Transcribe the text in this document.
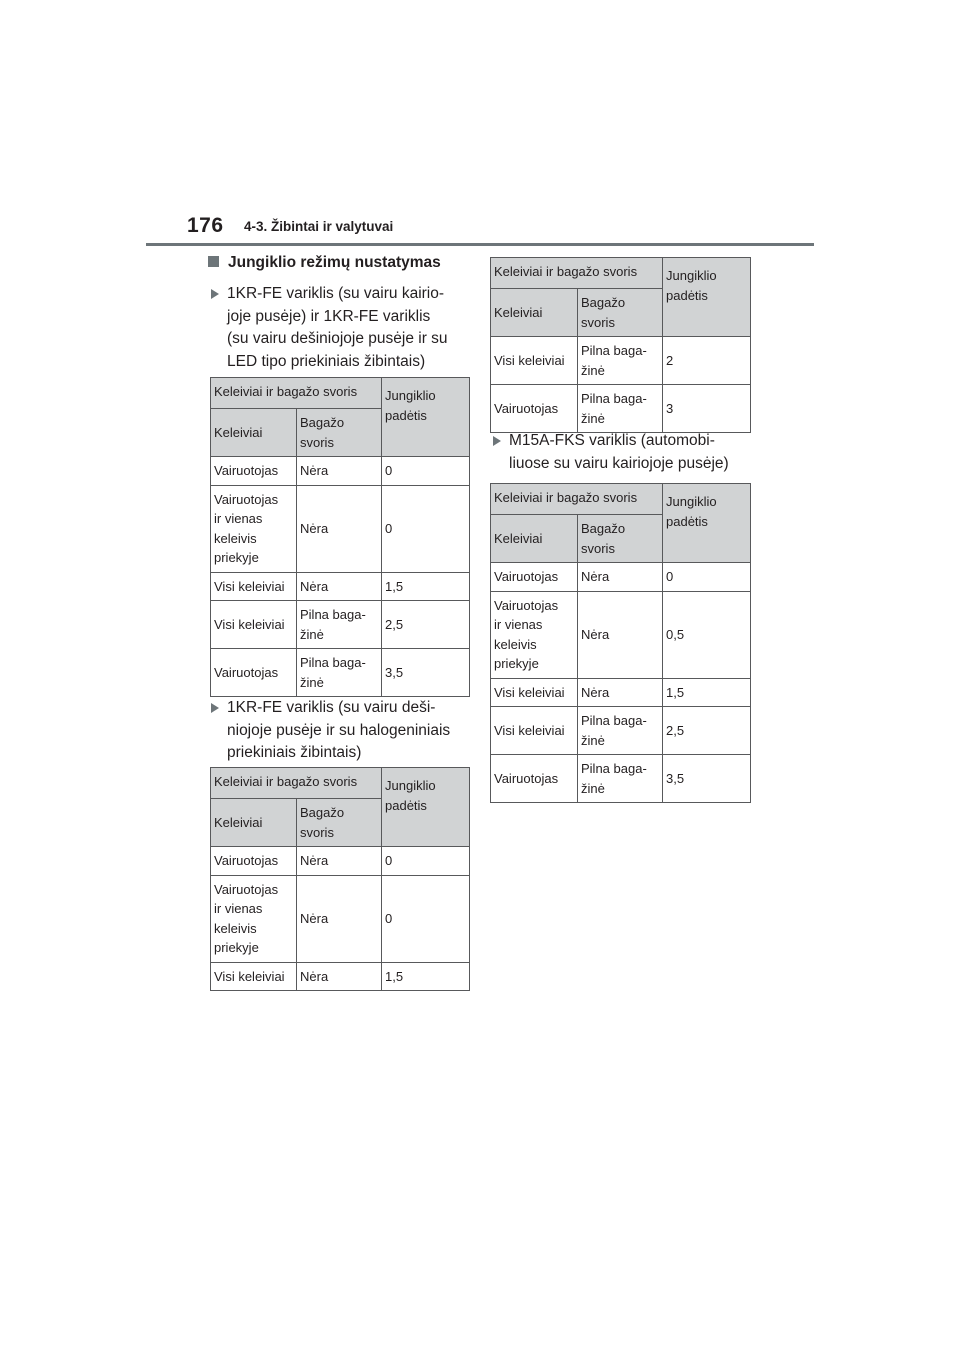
176 4-3. Žibintai ir valytuvai
Jungiklio režimų nustatymas
1KR-FE variklis (su vairu kairio-
joje pusėje) ir 1KR-FE variklis
(su vairu dešiniojoje pusėje ir su
LED tipo priekiniais žibintais)
Keleiviai ir bagažo svoris		Jungiklio
padėtis

Keleiviai	Bagažo
svoris	

Vairuotojas	Nėra	0

Vairuotojas
ir vienas
keleivis
priekyje	Nėra	0

Visi keleiviai	Nėra	1,5

Visi keleiviai	Pilna baga-
žinė	2,5

Vairuotojas	Pilna baga-
žinė	3,5
1KR-FE variklis (su vairu deši-
niojoje pusėje ir su halogeniniais
priekiniais žibintais)
Keleiviai ir bagažo svoris		Jungiklio
padėtis

Keleiviai	Bagažo
svoris	

Vairuotojas	Nėra	0

Vairuotojas
ir vienas
keleivis
priekyje	Nėra	0

Visi keleiviai	Nėra	1,5
Keleiviai ir bagažo svoris		Jungiklio
padėtis

Keleiviai	Bagažo
svoris	

Visi keleiviai	Pilna baga-
žinė	2

Vairuotojas	Pilna baga-
žinė	3
M15A-FKS variklis (automobi-
liuose su vairu kairiojoje pusėje)
Keleiviai ir bagažo svoris		Jungiklio
padėtis

Keleiviai	Bagažo
svoris	

Vairuotojas	Nėra	0

Vairuotojas
ir vienas
keleivis
priekyje	Nėra	0,5

Visi keleiviai	Nėra	1,5

Visi keleiviai	Pilna baga-
žinė	2,5

Vairuotojas	Pilna baga-
žinė	3,5
